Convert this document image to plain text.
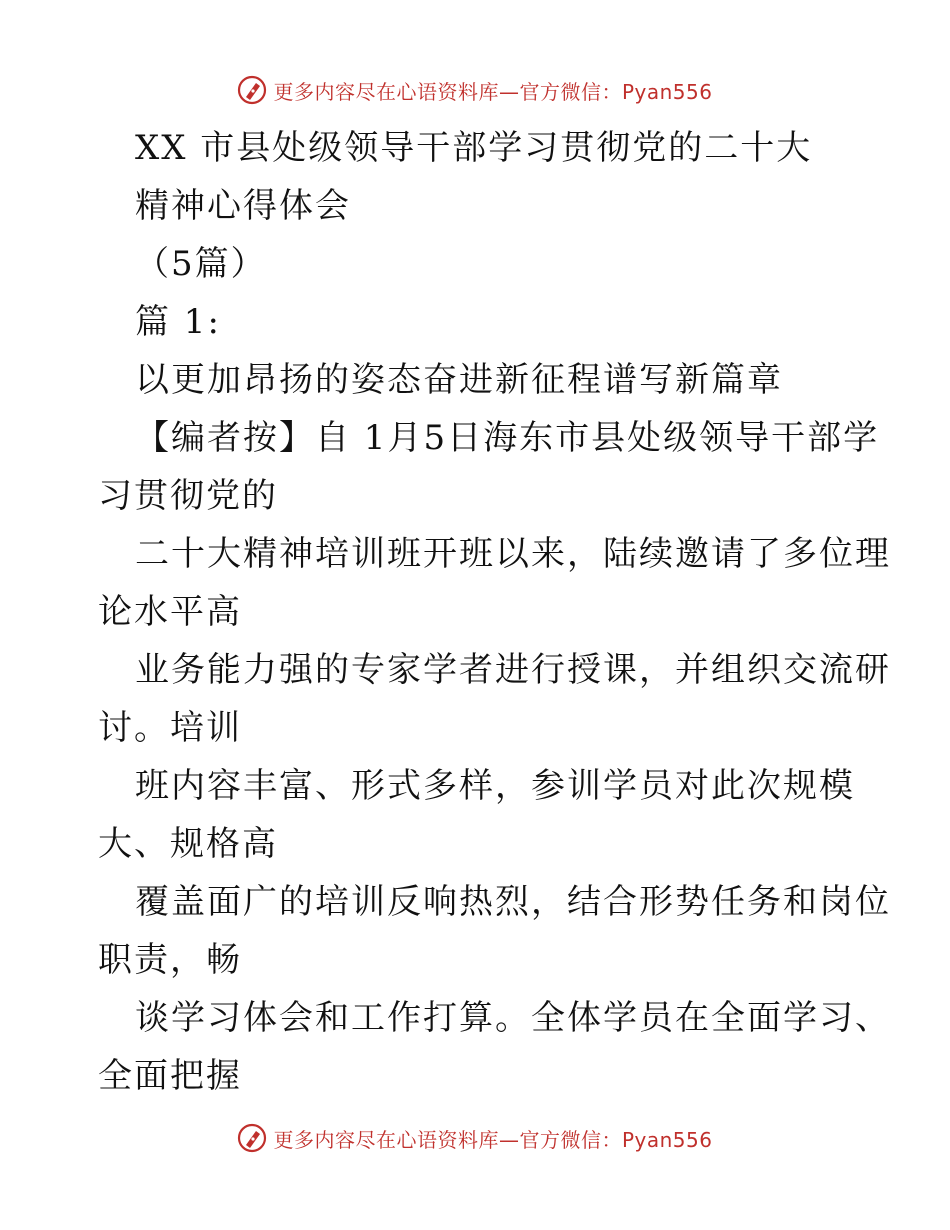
更多内容尽在心语资料库—官方微信：Pyan556
XX 市县处级领导干部学习贯彻党的二十大
精神心得体会
（5篇）
篇 1:
以更加昂扬的姿态奋进新征程谱写新篇章
【编者按】自 1月5日海东市县处级领导干部学
习贯彻党的
二十大精神培训班开班以来，陆续邀请了多位理
论水平高
业务能力强的专家学者进行授课，并组织交流研
讨。培训
班内容丰富、形式多样，参训学员对此次规模
大、规格高
覆盖面广的培训反响热烈，结合形势任务和岗位
职责，畅
谈学习体会和工作打算。全体学员在全面学习、
全面把握
更多内容尽在心语资料库—官方微信：Pyan556
